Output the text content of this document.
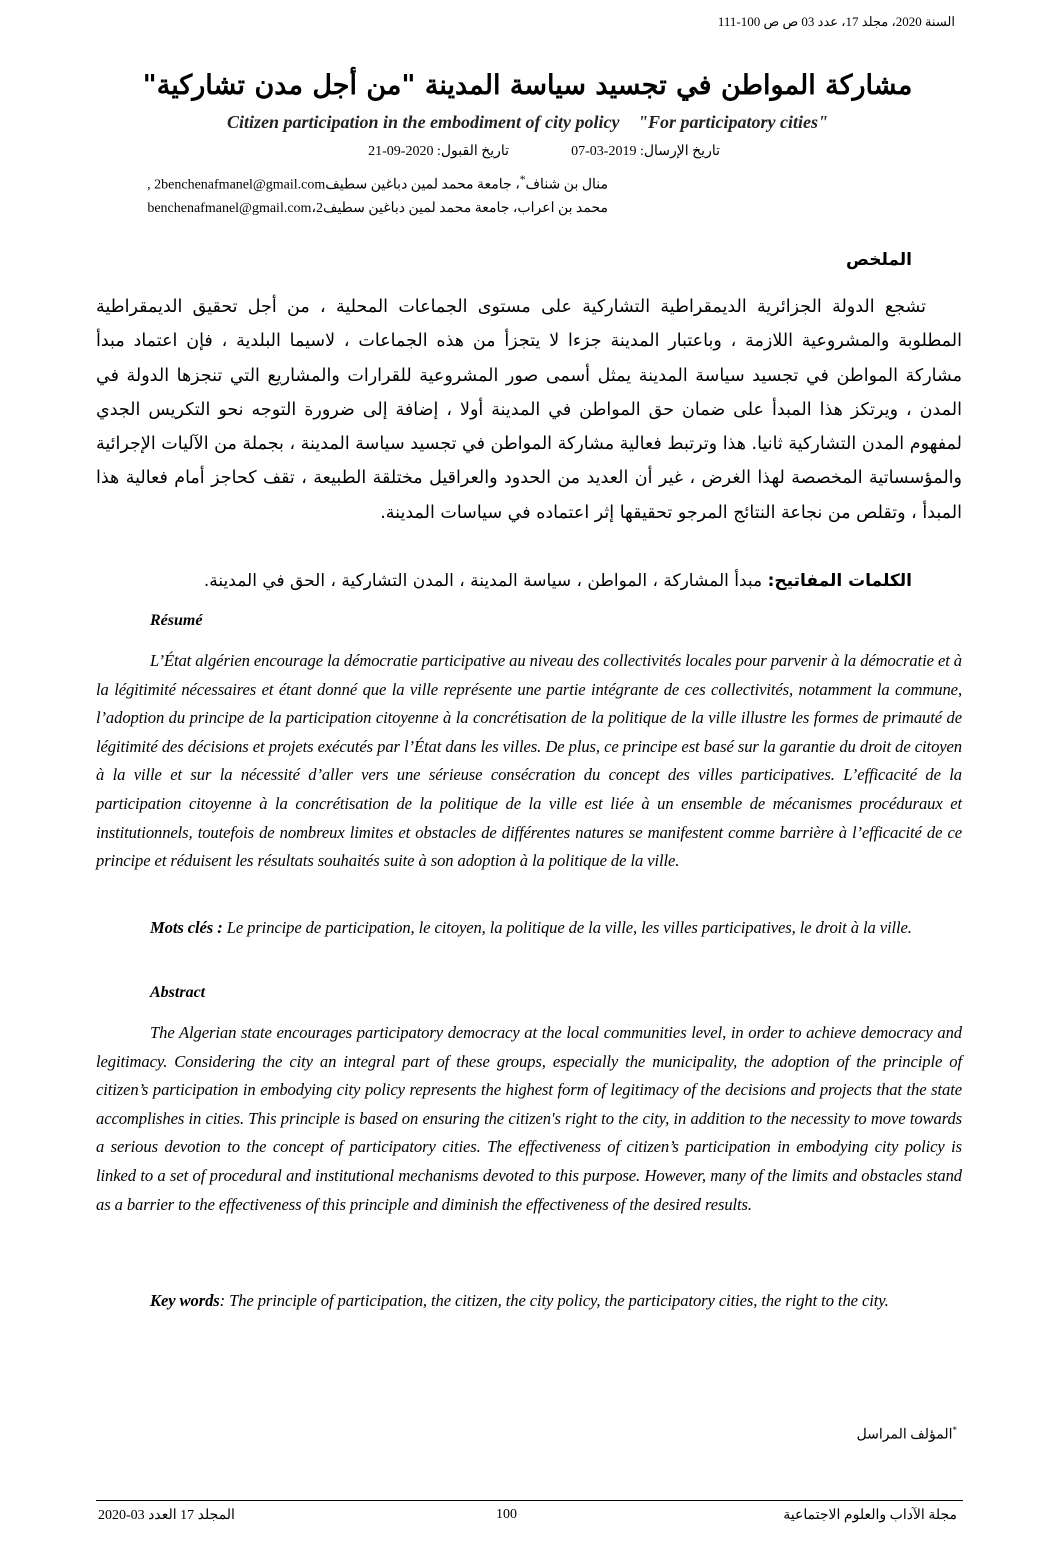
السنة 2020، مجلد 17، عدد 03 ص ص 100-111
مشاركة المواطن في تجسيد سياسة المدينة "من أجل مدن تشاركية"
Citizen participation in the embodiment of city policy "For participatory cities"
تاريخ الإرسال: 2019-03-07  تاريخ القبول: 2020-09-21
منال بن شناف*، جامعة محمد لمين دباغين سطيف2benchenafmanel@gmail.com ,
محمد بن اعراب، جامعة محمد لمين دباغين سطيف2،benchenafmanel@gmail.com
الملخص
تشجع الدولة الجزائرية الديمقراطية التشاركية على مستوى الجماعات المحلية ، من أجل تحقيق الديمقراطية المطلوبة والمشروعية اللازمة ، وباعتبار المدينة جزءا لا يتجزأ من هذه الجماعات ، لاسيما البلدية ، فإن اعتماد مبدأ مشاركة المواطن في تجسيد سياسة المدينة يمثل أسمى صور المشروعية للقرارات والمشاريع التي تنجزها الدولة في المدن ، ويرتكز هذا المبدأ على ضمان حق المواطن في المدينة أولا ، إضافة إلى ضرورة التوجه نحو التكريس الجدي لمفهوم المدن التشاركية ثانيا. هذا وترتبط فعالية مشاركة المواطن في تجسيد سياسة المدينة ، بجملة من الآليات الإجرائية والمؤسساتية المخصصة لهذا الغرض ، غير أن العديد من الحدود والعراقيل مختلقة الطبيعة ، تقف كحاجز أمام فعالية هذا المبدأ ، وتقلص من نجاعة النتائج المرجو تحقيقها إثر اعتماده في سياسات المدينة.
الكلمات المفاتيح: مبدأ المشاركة ، المواطن ، سياسة المدينة ، المدن التشاركية ، الحق في المدينة.
Résumé
L’État algérien encourage la démocratie participative au niveau des collectivités locales pour parvenir à la démocratie et à la légitimité nécessaires et étant donné que la ville représente une partie intégrante de ces collectivités, notamment la commune, l’adoption du principe de la participation citoyenne à la concrétisation de la politique de la ville illustre les formes de primauté de légitimité des décisions et projets exécutés par l’État dans les villes. De plus, ce principe est basé sur la garantie du droit de citoyen à la ville et sur la nécessité d’aller vers une sérieuse consécration du concept des villes participatives. L’efficacité de la participation citoyenne à la concrétisation de la politique de la ville est liée à un ensemble de mécanismes procéduraux et institutionnels, toutefois de nombreux limites et obstacles de différentes natures se manifestent comme barrière à l’efficacité de ce principe et réduisent les résultats souhaités suite à son adoption à la politique de la ville.
Mots clés : Le principe de participation, le citoyen, la politique de la ville, les villes participatives, le droit à la ville.
Abstract
The Algerian state encourages participatory democracy at the local communities level, in order to achieve democracy and legitimacy. Considering the city an integral part of these groups, especially the municipality, the adoption of the principle of citizen’s participation in embodying city policy represents the highest form of legitimacy of the decisions and projects that the state accomplishes in cities. This principle is based on ensuring the citizen's right to the city, in addition to the necessity to move towards a serious devotion to the concept of participatory cities. The effectiveness of citizen’s participation in embodying city policy is linked to a set of procedural and institutional mechanisms devoted to this purpose. However, many of the limits and obstacles stand as a barrier to the effectiveness of this principle and diminish the effectiveness of the desired results.
Key words: The principle of participation, the citizen, the city policy, the participatory cities, the right to the city.
*المؤلف المراسل
مجلة الآداب والعلوم الاجتماعية
100
المجلد 17 العدد 03-2020
